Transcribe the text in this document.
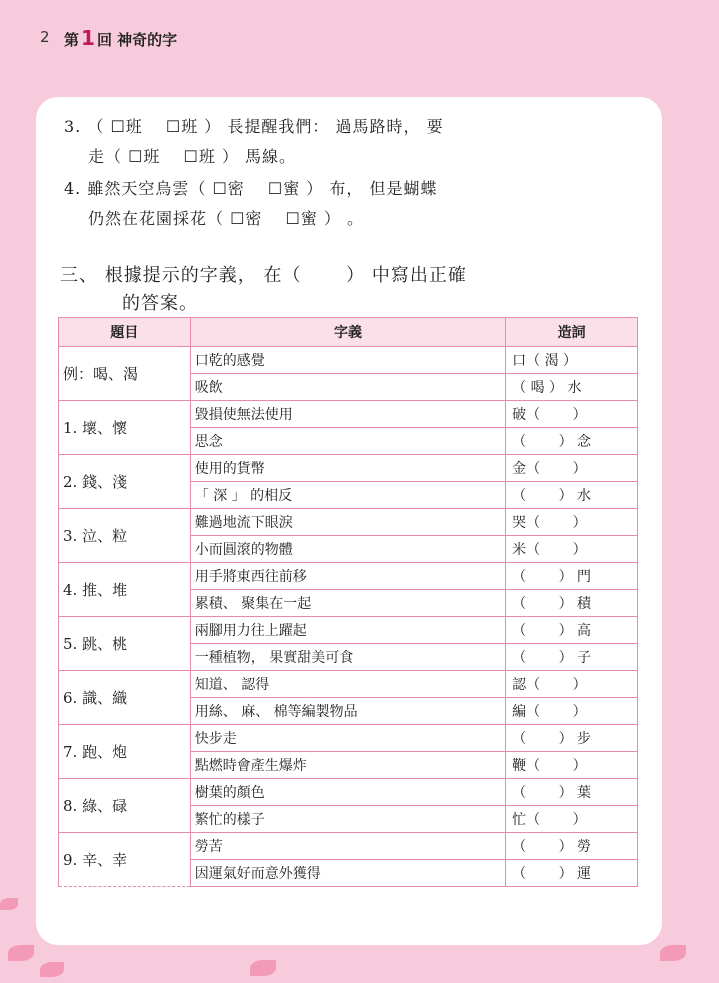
2 第 1 回 神奇的字
3. （ ☐班　 ☐班 ） 長提醒我們： 過馬路時， 要
走（ ☐班　 ☐班 ） 馬線。
4. 雖然天空烏雲（ ☐密　 ☐蜜 ） 布， 但是蝴蝶
仍然在花園採花（ ☐密　 ☐蜜 ） 。
三、 根據提示的字義， 在（　　 ） 中寫出正確
的答案。
題目	字義	造詞
例：喝、渴	口乾的感覺	口（ 渴 ）
	吸飲	（ 喝 ） 水
1. 壞、懷	毀損使無法使用	破（　　 ）
	思念	（　　 ） 念
2. 錢、淺	使用的貨幣	金（　　 ）
	「 深 」 的相反	（　　 ） 水
3. 泣、粒	難過地流下眼淚	哭（　　 ）
	小而圓滾的物體	米（　　 ）
4. 推、堆	用手將東西往前移	（　　 ） 門
	累積、 聚集在一起	（　　 ） 積
5. 跳、桃	兩腳用力往上躍起	（　　 ） 高
	一種植物， 果實甜美可食	（　　 ） 子
6. 識、織	知道、 認得	認（　　 ）
	用絲、 麻、 棉等編製物品	編（　　 ）
7. 跑、炮	快步走	（　　 ） 步
	點燃時會產生爆炸	鞭（　　 ）
8. 綠、碌	樹葉的顏色	（　　 ） 葉
	繁忙的樣子	忙（　　 ）
9. 辛、幸	勞苦	（　　 ） 勞
	因運氣好而意外獲得	（　　 ） 運
